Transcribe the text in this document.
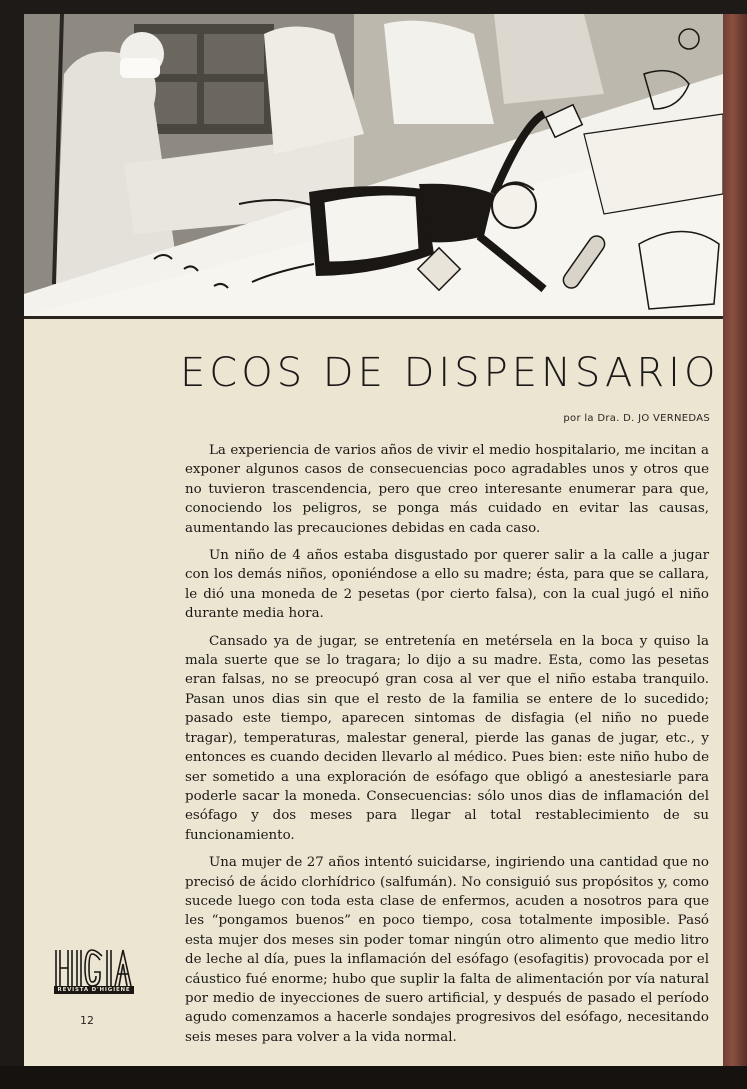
ECOS DE DISPENSARIO
por la Dra. D. JO VERNEDAS

La experiencia de varios años de vivir el medio hospitalario, me incitan a exponer algunos casos de consecuencias poco agradables unos y otros que no tuvieron trascendencia, pero que creo interesante enumerar para que, conociendo los peligros, se ponga más cuidado en evitar las causas, aumentando las precauciones debidas en cada caso.

Un niño de 4 años estaba disgustado por querer salir a la calle a jugar con los demás niños, oponiéndose a ello su madre; ésta, para que se callara, le dió una moneda de 2 pesetas (por cierto falsa), con la cual jugó el niño durante media hora.

Cansado ya de jugar, se entretenía en metérsela en la boca y quiso la mala suerte que se lo tragara; lo dijo a su madre. Esta, como las pesetas eran falsas, no se preocupó gran cosa al ver que el niño estaba tranquilo. Pasan unos dias sin que el resto de la familia se entere de lo sucedido; pasado este tiempo, aparecen sintomas de disfagia (el niño no puede tragar), temperaturas, malestar general, pierde las ganas de jugar, etc., y entonces es cuando deciden llevarlo al médico. Pues bien: este niño hubo de ser sometido a una exploración de esófago que obligó a anestesiarle para poderle sacar la moneda. Consecuencias: sólo unos dias de inflamación del esófago y dos meses para llegar al total restablecimiento de su funcionamiento.

Una mujer de 27 años intentó suicidarse, ingiriendo una cantidad que no precisó de ácido clorhídrico (salfumán). No consiguió sus propósitos y, como sucede luego con toda esta clase de enfermos, acuden a nosotros para que les “pongamos buenos” en poco tiempo, cosa totalmente imposible. Pasó esta mujer dos meses sin poder tomar ningún otro alimento que medio litro de leche al día, pues la inflamación del esófago (esofagitis) provocada por el cáustico fué enorme; hubo que suplir la falta de alimentación por vía natural por medio de inyecciones de suero artificial, y después de pasado el período agudo comenzamos a hacerle sondajes progresivos del esófago, necesitando seis meses para volver a la vida normal.

REVISTA D'HIGIENE
12
